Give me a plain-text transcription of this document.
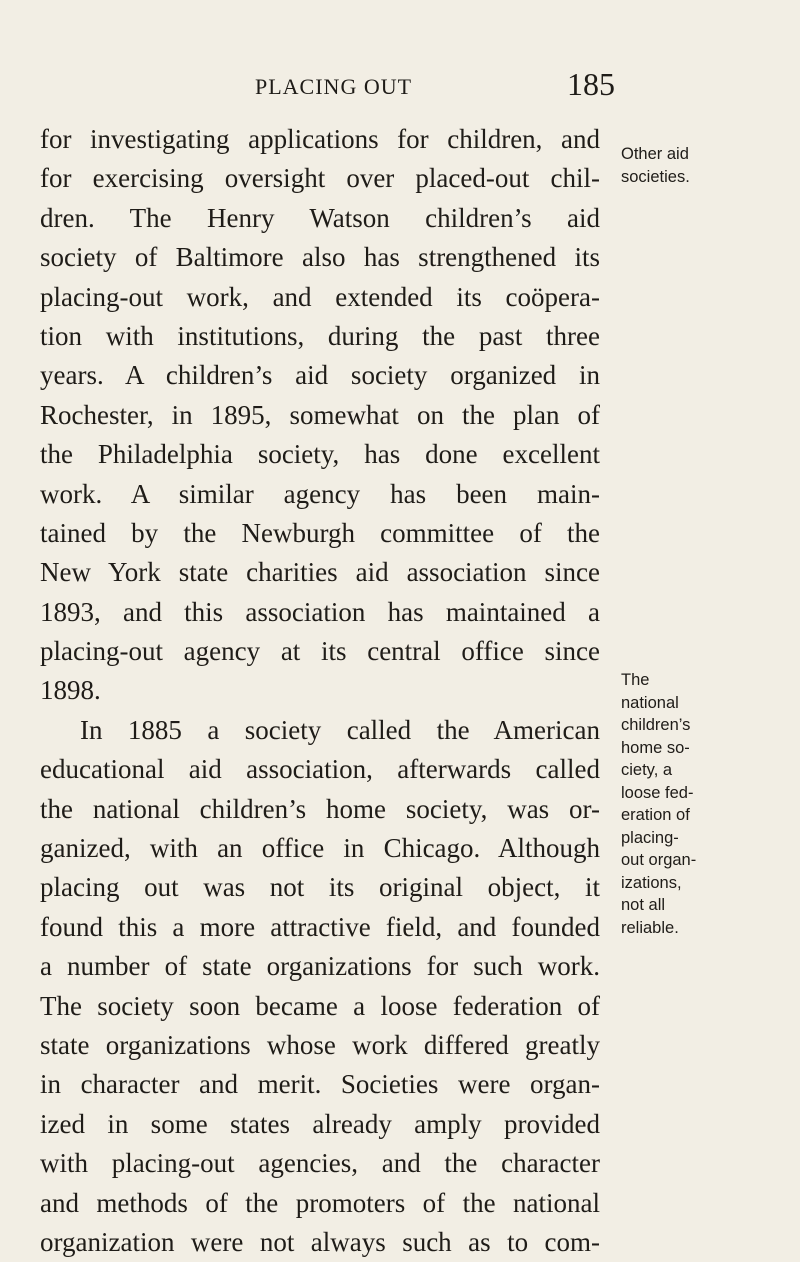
PLACING OUT	185
for investigating applications for children, and
for exercising oversight over placed-out chil-
dren. The Henry Watson children’s aid
society of Baltimore also has strengthened its
placing-out work, and extended its coöpera-
tion with institutions, during the past three
years. A children’s aid society organized in
Rochester, in 1895, somewhat on the plan of
the Philadelphia society, has done excellent
work. A similar agency has been main-
tained by the Newburgh committee of the
New York state charities aid association since
1893, and this association has maintained a
placing-out agency at its central office since
1898.
In 1885 a society called the American
educational aid association, afterwards called
the national children’s home society, was or-
ganized, with an office in Chicago. Although
placing out was not its original object, it
found this a more attractive field, and founded
a number of state organizations for such work.
The society soon became a loose federation of
state organizations whose work differed greatly
in character and merit. Societies were organ-
ized in some states already amply provided
with placing-out agencies, and the character
and methods of the promoters of the national
organization were not always such as to com-
Other aid
societies.
The
national
children’s
home so-
ciety, a
loose fed-
eration of
placing-
out organ-
izations,
not all
reliable.
